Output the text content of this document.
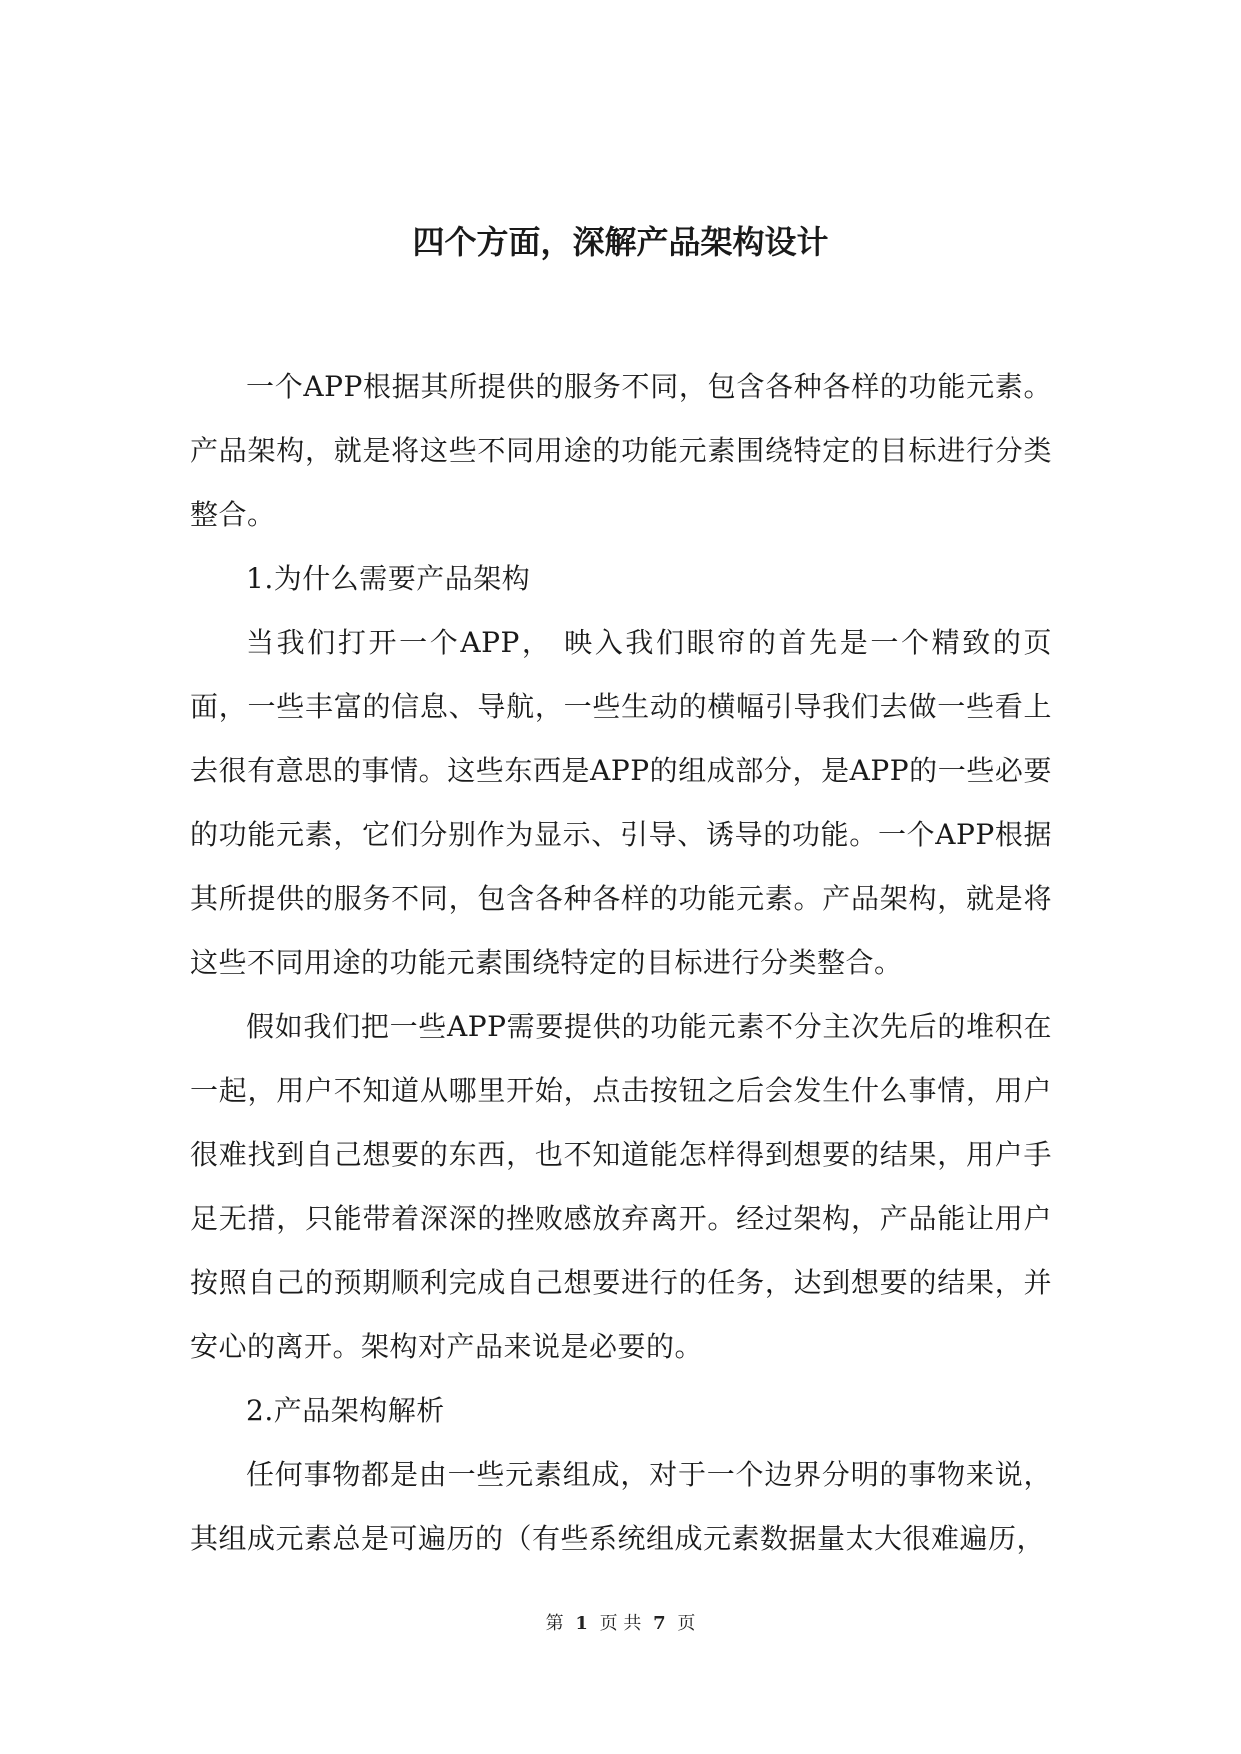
四个方面，深解产品架构设计

一个APP根据其所提供的服务不同，包含各种各样的功能元素。产品架构，就是将这些不同用途的功能元素围绕特定的目标进行分类整合。

1.为什么需要产品架构

当我们打开一个APP， 映入我们眼帘的首先是一个精致的页面，一些丰富的信息、导航，一些生动的横幅引导我们去做一些看上去很有意思的事情。这些东西是APP的组成部分，是APP的一些必要的功能元素，它们分别作为显示、引导、诱导的功能。一个APP根据其所提供的服务不同，包含各种各样的功能元素。产品架构，就是将这些不同用途的功能元素围绕特定的目标进行分类整合。

假如我们把一些APP需要提供的功能元素不分主次先后的堆积在一起，用户不知道从哪里开始，点击按钮之后会发生什么事情，用户很难找到自己想要的东西，也不知道能怎样得到想要的结果，用户手足无措，只能带着深深的挫败感放弃离开。经过架构，产品能让用户按照自己的预期顺利完成自己想要进行的任务，达到想要的结果，并安心的离开。架构对产品来说是必要的。

2.产品架构解析

任何事物都是由一些元素组成，对于一个边界分明的事物来说，其组成元素总是可遍历的（有些系统组成元素数据量太大很难遍历，

第 1 页 共 7 页
